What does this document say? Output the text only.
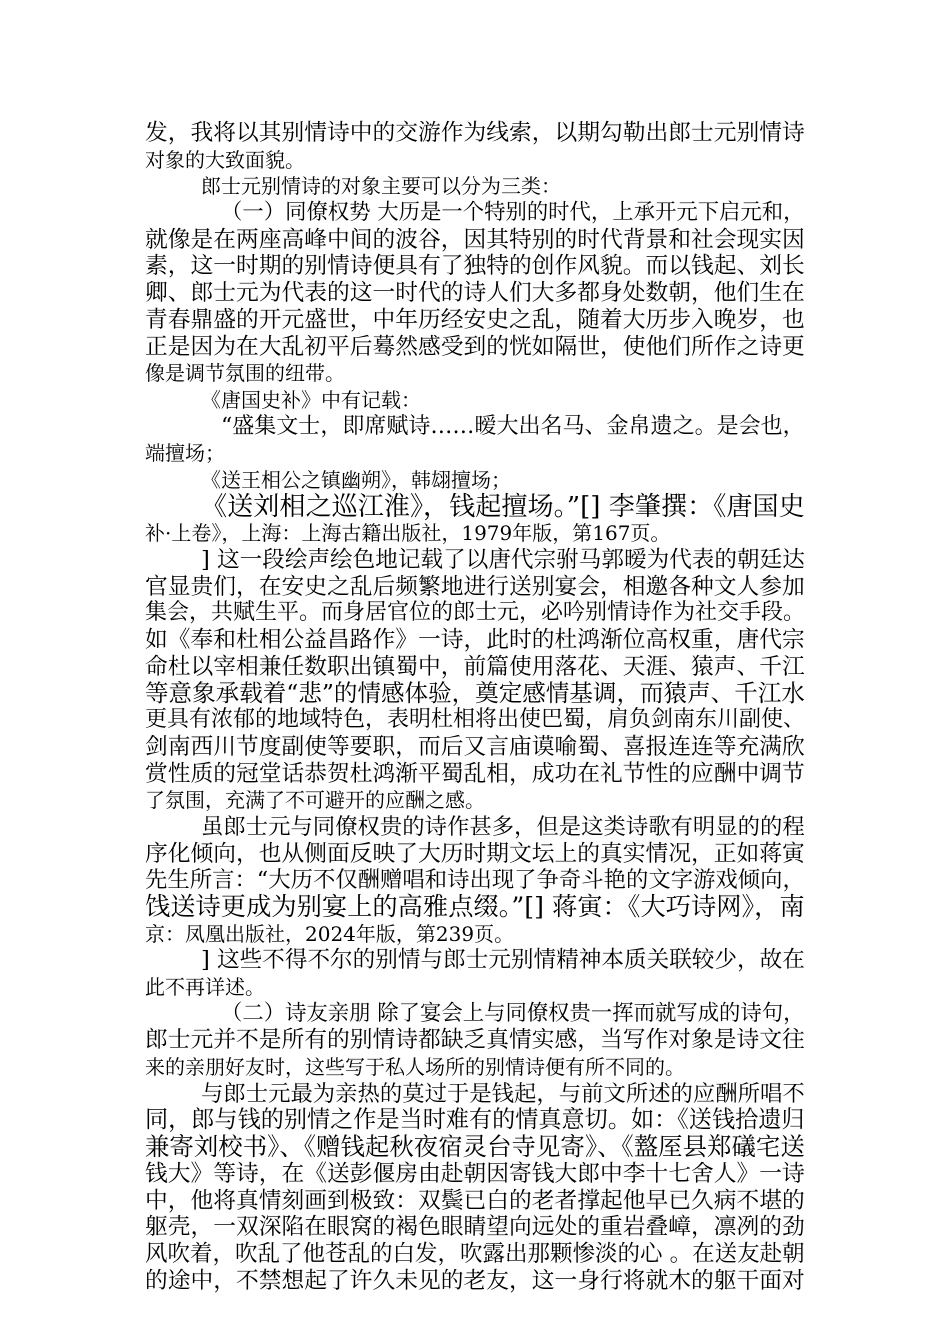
发，我将以其别情诗中的交游作为线索，以期勾勒出郎士元别情诗
对象的大致面貌。
郎士元别情诗的对象主要可以分为三类：
（一）同僚权势 大历是一个特别的时代，上承开元下启元和，
就像是在两座高峰中间的波谷，因其特别的时代背景和社会现实因
素，这一时期的别情诗便具有了独特的创作风貌。而以钱起、刘长
卿、郎士元为代表的这一时代的诗人们大多都身处数朝，他们生在
青春鼎盛的开元盛世，中年历经安史之乱，随着大历步入晚岁，也
正是因为在大乱初平后蓦然感受到的恍如隔世，使他们所作之诗更
像是调节氛围的纽带。
《唐国史补》中有记载：
“盛集文士，即席赋诗……暧大出名马、金帛遗之。是会也，
端擅场；
《送王相公之镇幽朔》，韩翃擅场；
《送刘相之巡江淮》，钱起擅场。”[] 李肇撰：《唐国史
补·上卷》，上海：上海古籍出版社，1979年版，第167页。
] 这一段绘声绘色地记载了以唐代宗驸马郭暧为代表的朝廷达
官显贵们，在安史之乱后频繁地进行送别宴会，相邀各种文人参加
集会，共赋生平。而身居官位的郎士元，必吟别情诗作为社交手段。
如《奉和杜相公益昌路作》一诗，此时的杜鸿渐位高权重，唐代宗
命杜以宰相兼任数职出镇蜀中，前篇使用落花、天涯、猿声、千江
等意象承载着“悲”的情感体验，奠定感情基调，而猿声、千江水
更具有浓郁的地域特色，表明杜相将出使巴蜀，肩负剑南东川副使、
剑南西川节度副使等要职，而后又言庙谟喻蜀、喜报连连等充满欣
赏性质的冠堂话恭贺杜鸿渐平蜀乱相，成功在礼节性的应酬中调节
了氛围，充满了不可避开的应酬之感。
虽郎士元与同僚权贵的诗作甚多，但是这类诗歌有明显的的程
序化倾向，也从侧面反映了大历时期文坛上的真实情况，正如蒋寅
先生所言：“大历不仅酬赠唱和诗出现了争奇斗艳的文字游戏倾向，
饯送诗更成为别宴上的高雅点缀。”[] 蒋寅：《大巧诗网》，南
京：凤凰出版社，2024年版，第239页。
] 这些不得不尔的别情与郎士元别情精神本质关联较少，故在
此不再详述。
（二）诗友亲朋 除了宴会上与同僚权贵一挥而就写成的诗句，
郎士元并不是所有的别情诗都缺乏真情实感，当写作对象是诗文往
来的亲朋好友时，这些写于私人场所的别情诗便有所不同的。
与郎士元最为亲热的莫过于是钱起，与前文所述的应酬所唱不
同，郎与钱的别情之作是当时难有的情真意切。如：《送钱拾遗归
兼寄刘校书》、《赠钱起秋夜宿灵台寺见寄》、《盩厔县郑礒宅送
钱大》等诗，在《送彭偃房由赴朝因寄钱大郎中李十七舍人》一诗
中，他将真情刻画到极致：双鬓已白的老者撑起他早已久病不堪的
躯壳，一双深陷在眼窝的褐色眼睛望向远处的重岩叠嶂，凛冽的劲
风吹着，吹乱了他苍乱的白发，吹露出那颗惨淡的心 。在送友赴朝
的途中，不禁想起了许久未见的老友，这一身行将就木的躯干面对
